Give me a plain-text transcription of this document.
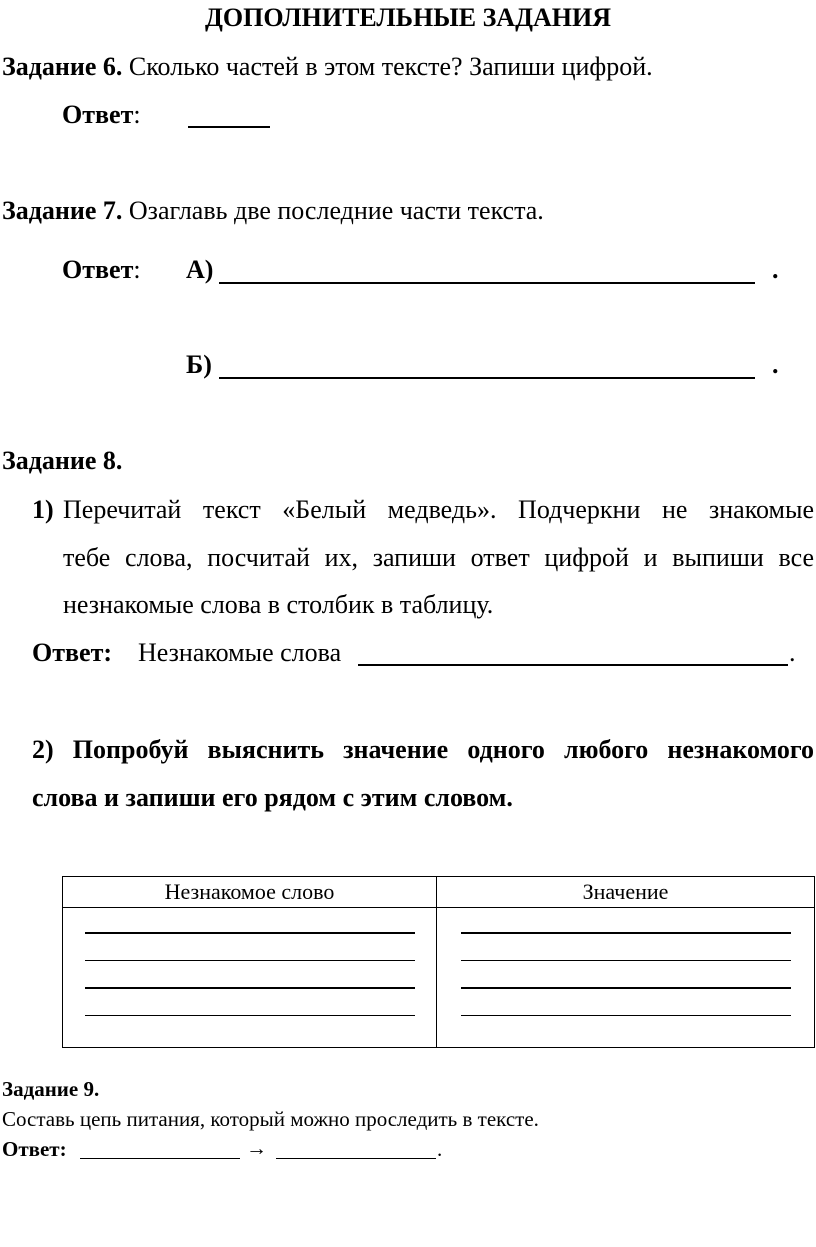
ДОПОЛНИТЕЛЬНЫЕ ЗАДАНИЯ
Задание 6. Сколько частей в этом тексте? Запиши цифрой.
Ответ:
Задание 7. Озаглавь две последние части текста.
Ответ: А)	.
Б)	.
Задание 8.
1) Перечитай текст «Белый медведь». Подчеркни не знакомые
тебе слова, посчитай их, запиши ответ цифрой и выпиши все
незнакомые слова в столбик в таблицу.
Ответ: Незнакомые слова	.
2) Попробуй выяснить значение одного любого незнакомого
слова и запиши его рядом с этим словом.
Незнакомое слово	Значение

Задание 9.
Составь цепь питания, который можно проследить в тексте.
Ответ:	→	.
